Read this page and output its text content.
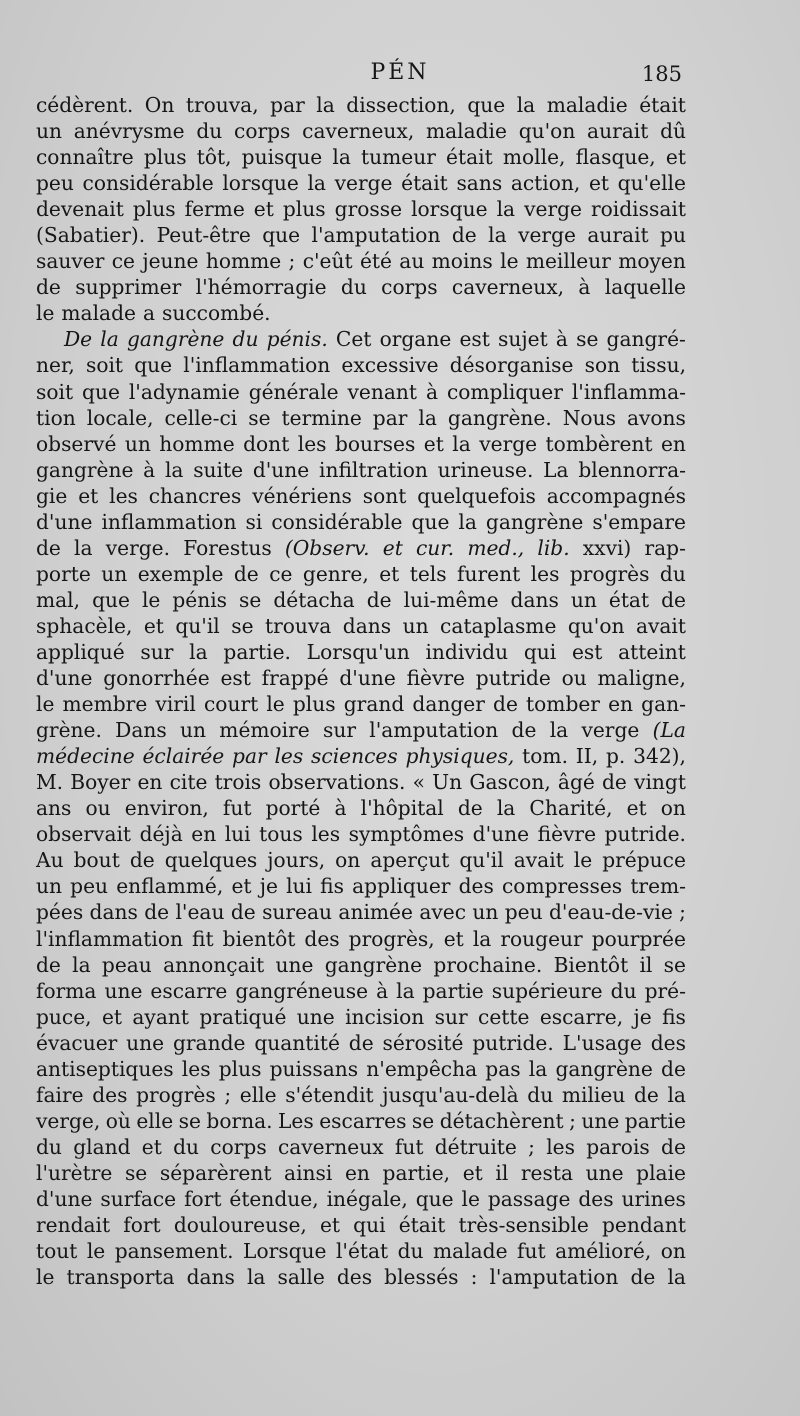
PÉN	185
cédèrent. On trouva, par la dissection, que la maladie était
un anévrysme du corps caverneux, maladie qu'on aurait dû
connaître plus tôt, puisque la tumeur était molle, flasque, et
peu considérable lorsque la verge était sans action, et qu'elle
devenait plus ferme et plus grosse lorsque la verge roidissait
(Sabatier). Peut-être que l'amputation de la verge aurait pu
sauver ce jeune homme ; c'eût été au moins le meilleur moyen
de supprimer l'hémorragie du corps caverneux, à laquelle
le malade a succombé.
De la gangrène du pénis. Cet organe est sujet à se gangré-
ner, soit que l'inflammation excessive désorganise son tissu,
soit que l'adynamie générale venant à compliquer l'inflamma-
tion locale, celle-ci se termine par la gangrène. Nous avons
observé un homme dont les bourses et la verge tombèrent en
gangrène à la suite d'une infiltration urineuse. La blennorra-
gie et les chancres vénériens sont quelquefois accompagnés
d'une inflammation si considérable que la gangrène s'empare
de la verge. Forestus (Observ. et cur. med., lib. xxvi) rap-
porte un exemple de ce genre, et tels furent les progrès du
mal, que le pénis se détacha de lui-même dans un état de
sphacèle, et qu'il se trouva dans un cataplasme qu'on avait
appliqué sur la partie. Lorsqu'un individu qui est atteint
d'une gonorrhée est frappé d'une fièvre putride ou maligne,
le membre viril court le plus grand danger de tomber en gan-
grène. Dans un mémoire sur l'amputation de la verge (La
médecine éclairée par les sciences physiques, tom. II, p. 342),
M. Boyer en cite trois observations. « Un Gascon, âgé de vingt
ans ou environ, fut porté à l'hôpital de la Charité, et on
observait déjà en lui tous les symptômes d'une fièvre putride.
Au bout de quelques jours, on aperçut qu'il avait le prépuce
un peu enflammé, et je lui fis appliquer des compresses trem-
pées dans de l'eau de sureau animée avec un peu d'eau-de-vie ;
l'inflammation fit bientôt des progrès, et la rougeur pourprée
de la peau annonçait une gangrène prochaine. Bientôt il se
forma une escarre gangréneuse à la partie supérieure du pré-
puce, et ayant pratiqué une incision sur cette escarre, je fis
évacuer une grande quantité de sérosité putride. L'usage des
antiseptiques les plus puissans n'empêcha pas la gangrène de
faire des progrès ; elle s'étendit jusqu'au-delà du milieu de la
verge, où elle se borna. Les escarres se détachèrent ; une partie
du gland et du corps caverneux fut détruite ; les parois de
l'urètre se séparèrent ainsi en partie, et il resta une plaie
d'une surface fort étendue, inégale, que le passage des urines
rendait fort douloureuse, et qui était très-sensible pendant
tout le pansement. Lorsque l'état du malade fut amélioré, on
le transporta dans la salle des blessés : l'amputation de la
